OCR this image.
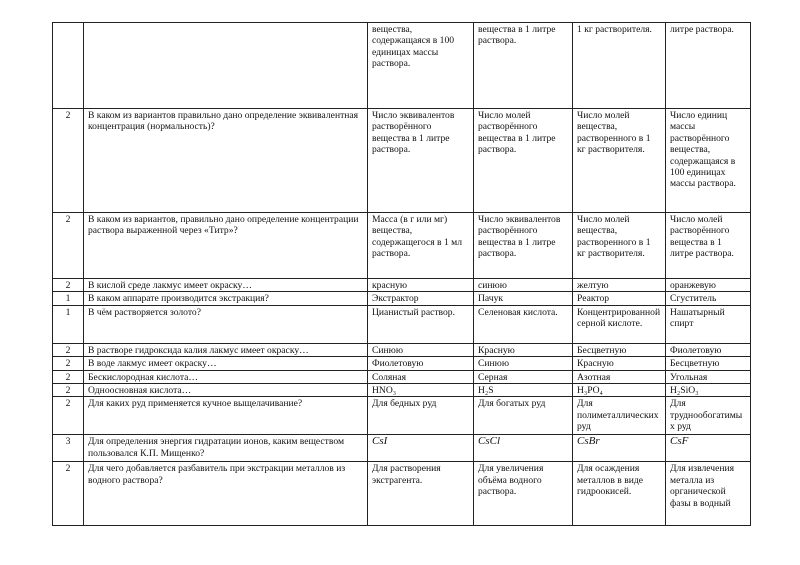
		вещества, содержащаяся в 100 единицах массы раствора.	вещества в 1 литре раствора.	1 кг растворителя.	литре раствора.
2	В каком из вариантов правильно дано определение эквивалентная концентрация (нормальность)?	Число эквивалентов растворённого вещества в 1 литре раствора.	Число молей растворённого вещества в 1 литре раствора.	Число молей вещества, растворенного в 1 кг растворителя.	Число единиц массы растворённого вещества, содержащаяся в 100 единицах массы раствора.
2	В каком из вариантов, правильно дано определение концентрации раствора выраженной через «Титр»?	Масса (в г или мг) вещества, содержащегося в 1 мл раствора.	Число эквивалентов растворённого вещества в 1 литре раствора.	Число молей вещества, растворенного в 1 кг растворителя.	Число молей растворённого вещества в 1 литре раствора.
2	В кислой среде лакмус имеет окраску…	красную	синюю	желтую	оранжевую
1	В каком аппарате производится экстракция?	Экстрактор	Пачук	Реактор	Сгуститель
1	В чём растворяется золото?	Цианистый раствор.	Селеновая кислота.	Концентрированной серной кислоте.	Нашатырный спирт
2	В растворе гидроксида калия лакмус имеет окраску…	Синюю	Красную	Бесцветную	Фиолетовую
2	В воде лакмус имеет окраску…	Фиолетовую	Синюю	Красную	Бесцветную
2	Бескислородная кислота…	Соляная	Серная	Азотная	Угольная
2	Одноосновная кислота…	HNO₃	H₂S	H₃PO₄	H₂SiO₃
2	Для каких руд применяется кучное выщелачивание?	Для бедных руд	Для богатых руд	Для полиметаллических руд	Для труднообогатимых руд
3	Для определения энергия гидратации ионов, каким веществом пользовался К.П. Мищенко?	CsI	CsCl	CsBr	CsF
2	Для чего добавляется разбавитель при экстракции металлов из водного раствора?	Для растворения экстрагента.	Для увеличения объёма водного раствора.	Для осаждения металлов в виде гидроокисей.	Для извлечения металла из органической фазы в водный
